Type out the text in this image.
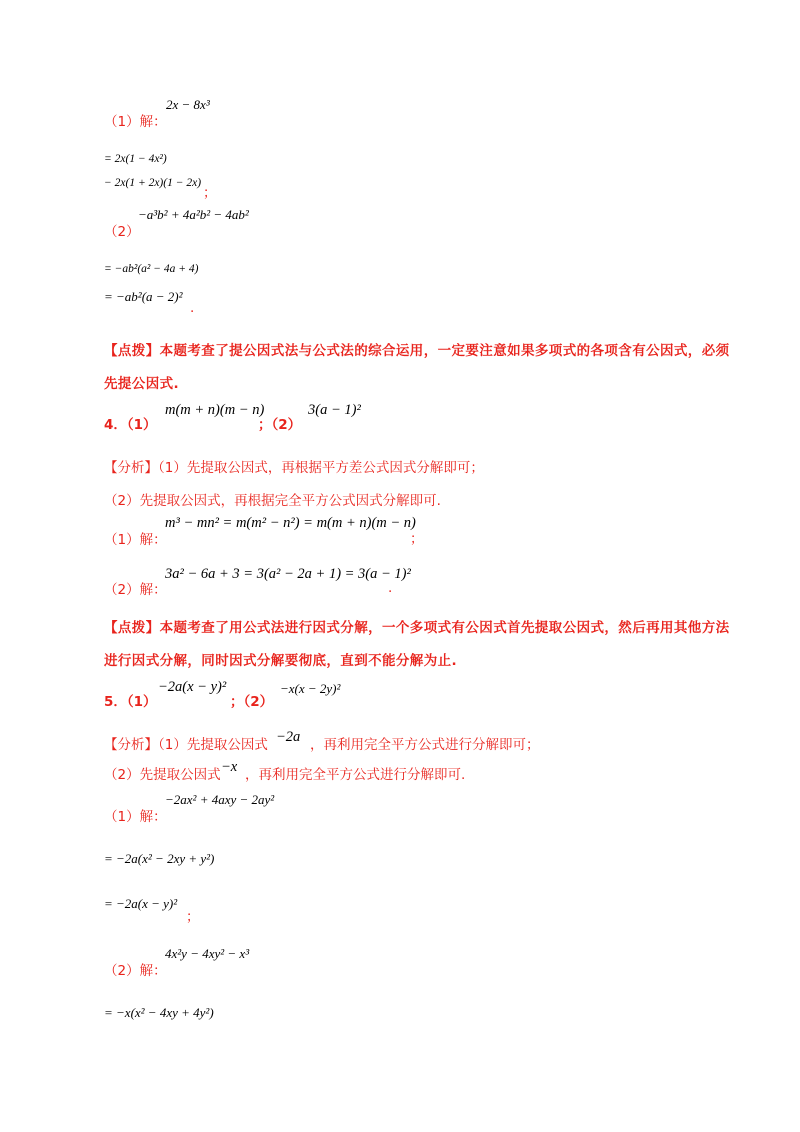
（1）解：
2x − 8x³
= 2x(1 − 4x²)
− 2x(1 + 2x)(1 − 2x)
；
（2）
−a³b² + 4a²b² − 4ab²
= −ab²(a² − 4a + 4)
= −ab²(a − 2)²
.
【点拨】本题考查了提公因式法与公式法的综合运用，一定要注意如果多项式的各项含有公因式，必须先提公因式.
4．（1）
m(m + n)(m − n)
；（2）
3(a − 1)²
【分析】（1）先提取公因式，再根据平方差公式因式分解即可；
（2）先提取公因式，再根据完全平方公式因式分解即可.
（1）解：
m³ − mn² = m(m² − n²) = m(m + n)(m − n)
；
（2）解：
3a² − 6a + 3 = 3(a² − 2a + 1) = 3(a − 1)²
.
【点拨】本题考查了用公式法进行因式分解，一个多项式有公因式首先提取公因式，然后再用其他方法进行因式分解，同时因式分解要彻底，直到不能分解为止.
5．（1）
−2a(x − y)²
；（2）
−x(x − 2y)²
【分析】（1）先提取公因式 −2a ，再利用完全平方公式进行分解即可；
（2）先提取公因式 −x ，再利用完全平方公式进行分解即可.
（1）解：
−2ax² + 4axy − 2ay²
= −2a(x² − 2xy + y²)
= −2a(x − y)²
；
（2）解：
4x²y − 4xy² − x³
= −x(x² − 4xy + 4y²)
